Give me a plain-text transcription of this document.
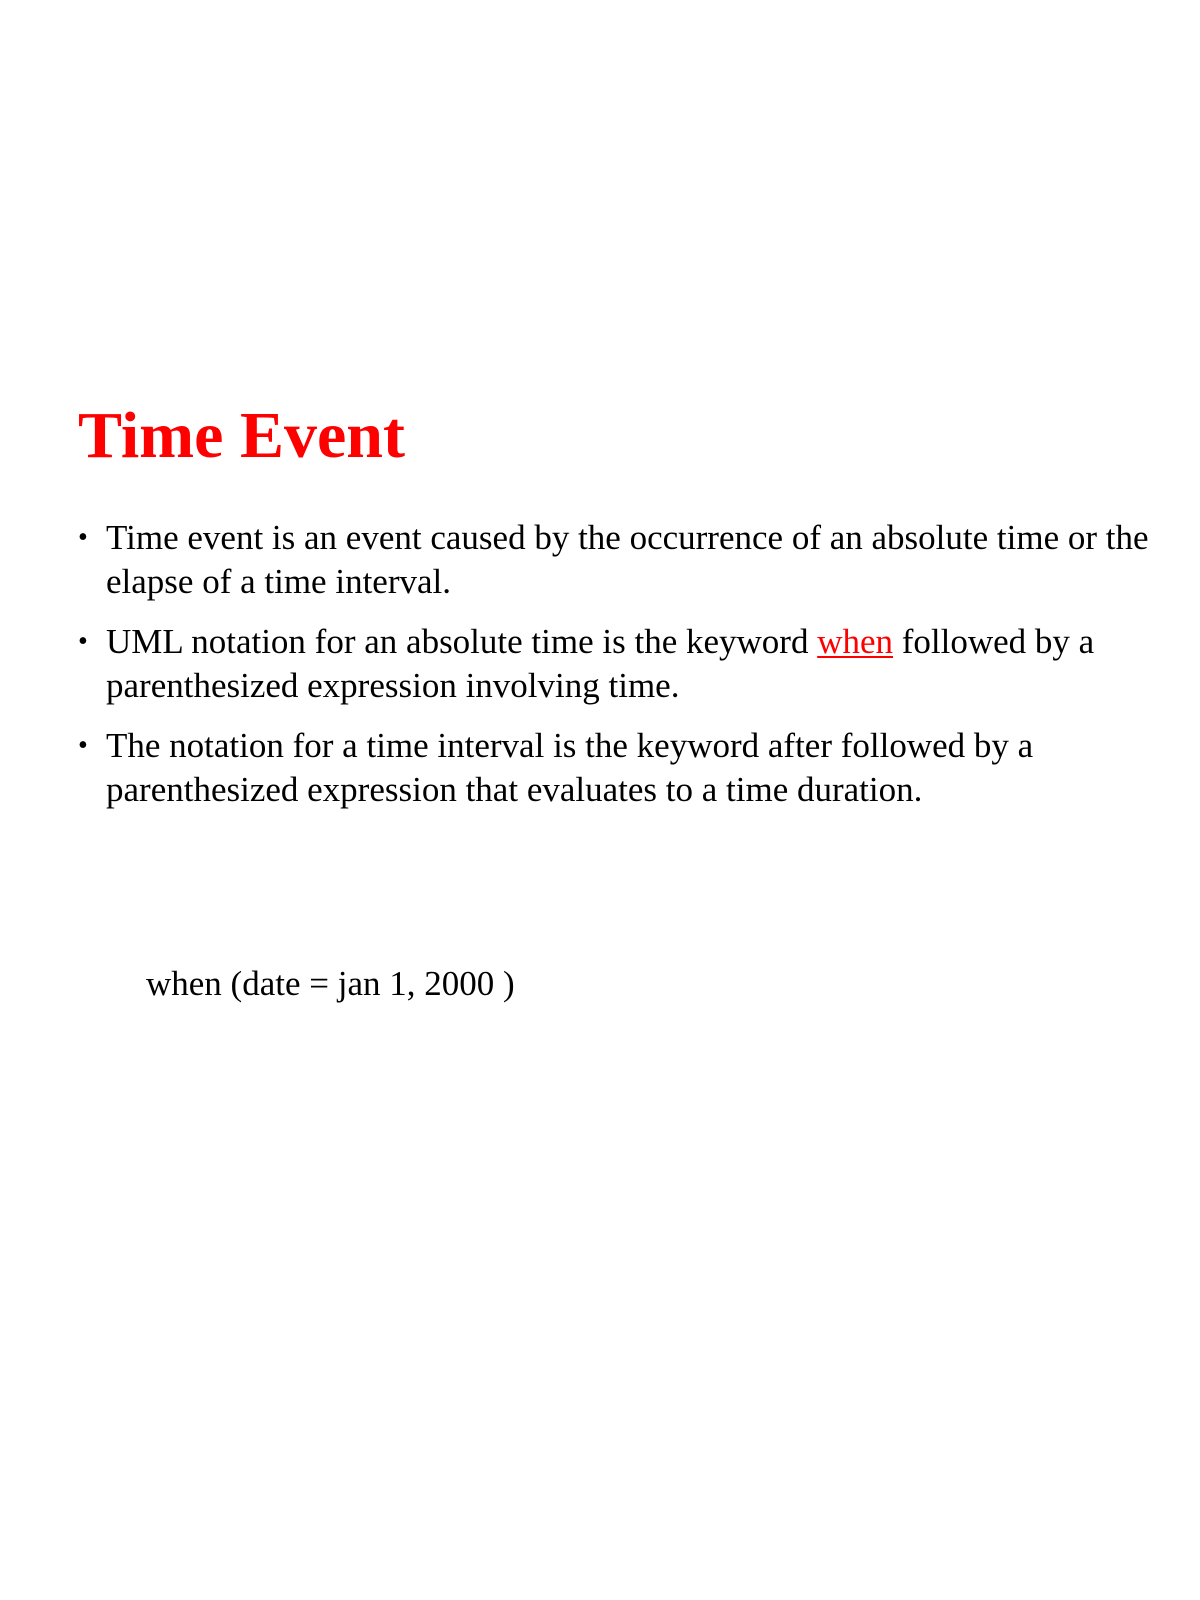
Time Event
• Time event is an event caused by the occurrence of an absolute time or the elapse of a time interval.
• UML notation for an absolute time is the keyword when followed by a parenthesized expression involving time.
• The notation for a time interval is the keyword after followed by a parenthesized expression that evaluates to a time duration.

when (date = jan 1, 2000 )
